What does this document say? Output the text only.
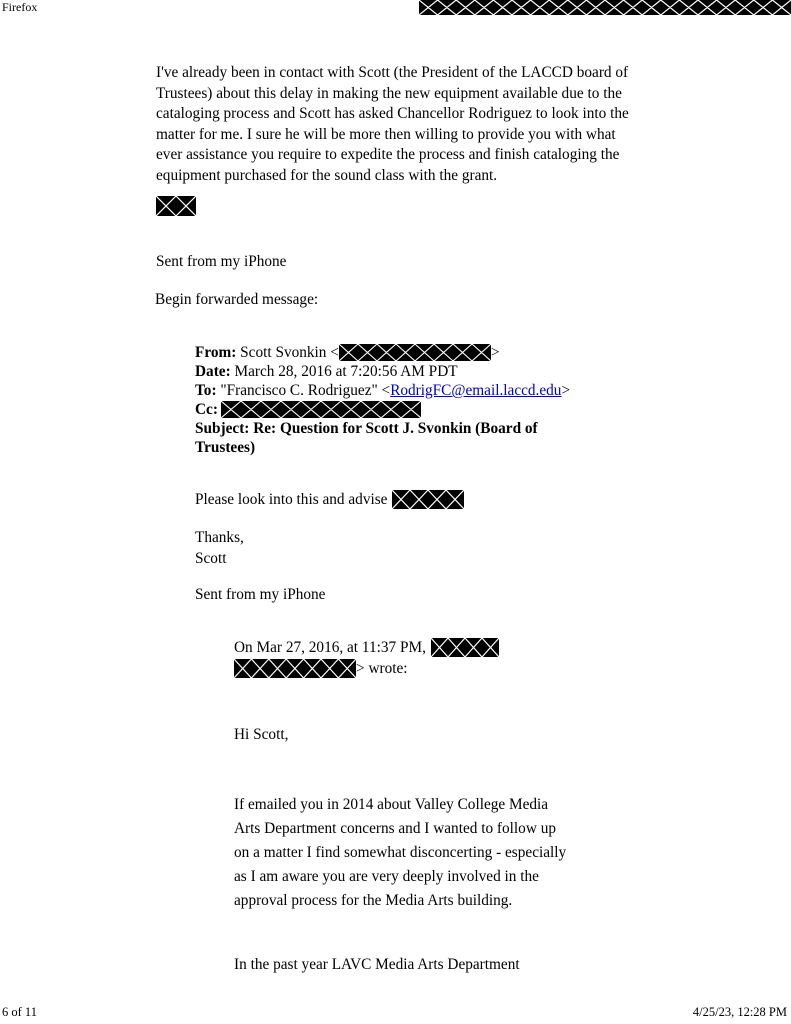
Firefox
I've already been in contact with Scott (the President of the LACCD board of Trustees) about this delay in making the new equipment available due to the cataloging process and Scott has asked Chancellor Rodriguez to look into the matter for me. I sure he will be more then willing to provide you with what ever assistance you require to expedite the process and finish cataloging the equipment purchased for the sound class with the grant.
Sent from my iPhone
Begin forwarded message:
From: Scott Svonkin <	>
Date: March 28, 2016 at 7:20:56 AM PDT
To: "Francisco C. Rodriguez" <RodrigFC@email.laccd.edu>
Cc:
Subject: Re: Question for Scott J. Svonkin (Board of Trustees)
Please look into this and advise
Thanks,
Scott
Sent from my iPhone
On Mar 27, 2016, at 11:37 PM,
> wrote:
Hi Scott,
If emailed you in 2014 about Valley College Media Arts Department concerns and I wanted to follow up on a matter I find somewhat disconcerting - especially as I am aware you are very deeply involved in the approval process for the Media Arts building.
In the past year LAVC Media Arts Department
6 of 11	4/25/23, 12:28 PM
